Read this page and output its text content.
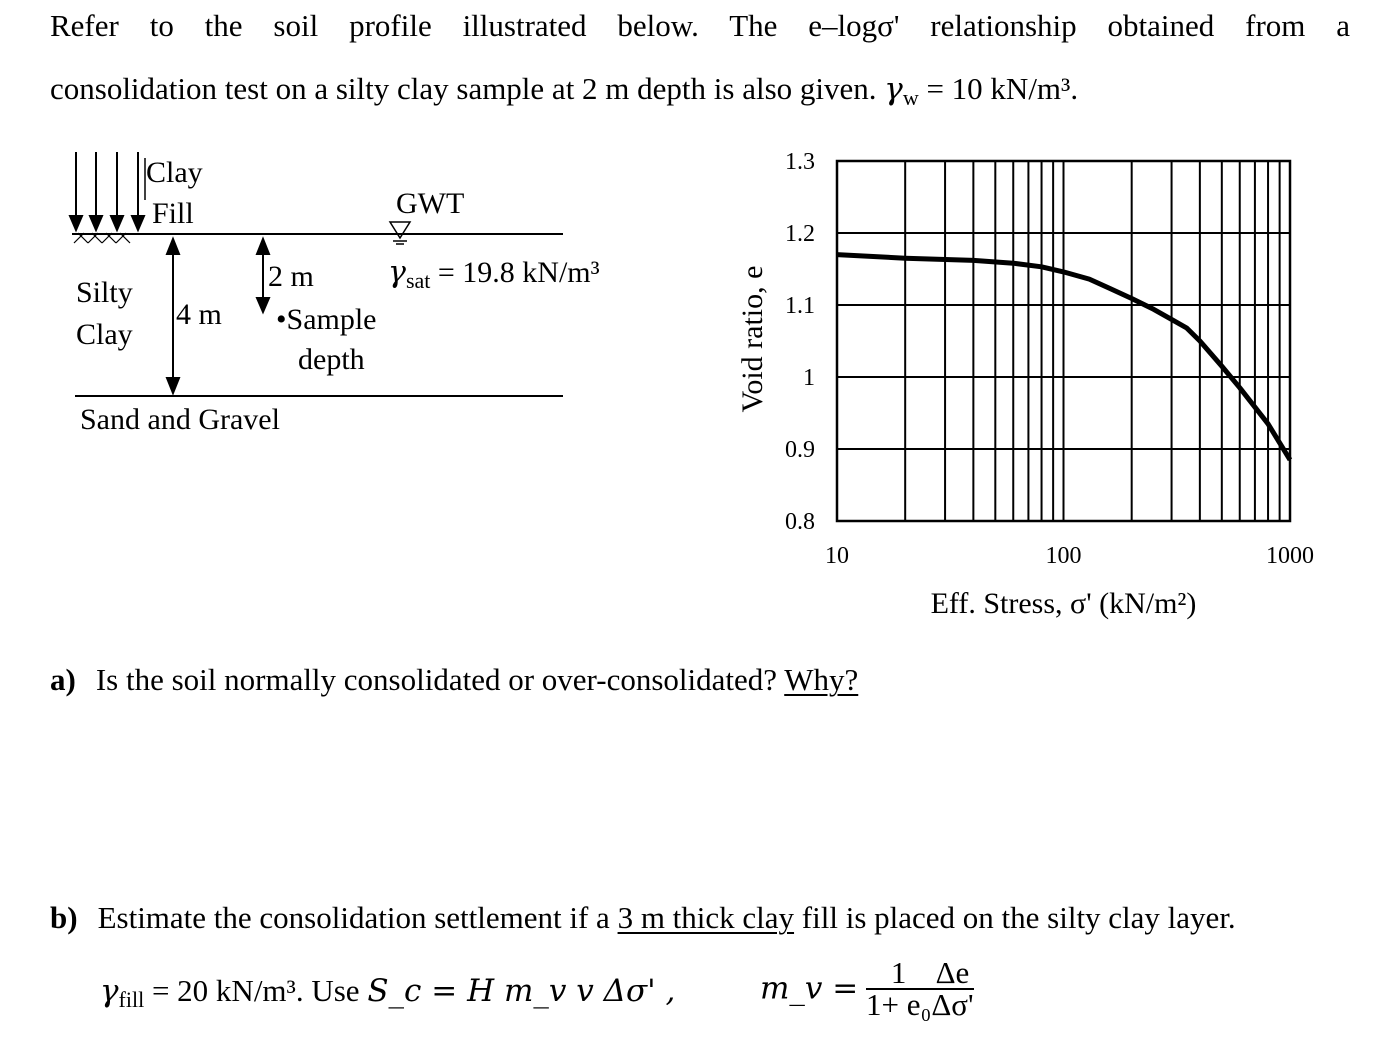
Refer to the soil profile illustrated below. The e–logσ' relationship obtained from a
consolidation test on a silty clay sample at 2 m depth is also given. $\gamma_w = 10$ kN/m³.
Clay
Fill	GWT
$\gamma_{sat} = 19.8$ kN/m³
Silty
Clay
4 m
2 m
•Sample
depth
Sand and Gravel
1.3
1.2
1.1
1
0.9
0.8
10	100	1000
Eff. Stress, σ' (kN/m²)
Void ratio, e
a) Is the soil normally consolidated or over-consolidated? Why?
b) Estimate the consolidation settlement if a 3 m thick clay fill is placed on the silty clay layer.
$\gamma_{fill} = 20$ kN/m³. Use S_c = H m_v v Δσ' ,	m_v = $\frac{1}{\text{1+ e₀}} \frac{\Delta e}{\Delta\sigma'}$
